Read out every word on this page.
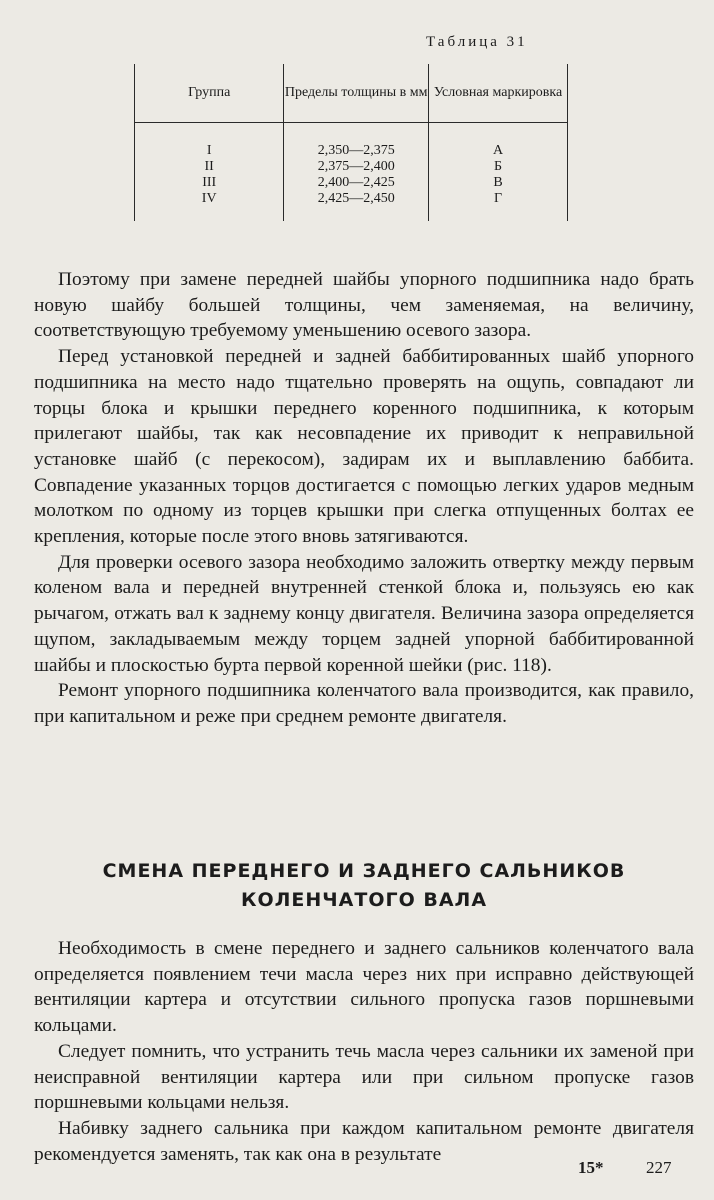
Таблица 31
Группа	Пределы толщины в мм	Условная маркировка
I	2,350—2,375	А
II	2,375—2,400	Б
III	2,400—2,425	В
IV	2,425—2,450	Г

Поэтому при замене передней шайбы упорного подшипника надо брать новую шайбу большей толщины, чем заменяемая, на величину, соответствующую требуемому уменьшению осевого зазора.

Перед установкой передней и задней баббитированных шайб упорного подшипника на место надо тщательно проверять на ощупь, совпадают ли торцы блока и крышки переднего коренного подшипника, к которым прилегают шайбы, так как несовпадение их приводит к неправильной установке шайб (с перекосом), задирам их и выплавлению баббита. Совпадение указанных торцов достигается с помощью легких ударов медным молотком по одному из торцев крышки при слегка отпущенных болтах ее крепления, которые после этого вновь затягиваются.

Для проверки осевого зазора необходимо заложить отвертку между первым коленом вала и передней внутренней стенкой блока и, пользуясь ею как рычагом, отжать вал к заднему концу двигателя. Величина зазора определяется щупом, закладываемым между торцем задней упорной баббитированной шайбы и плоскостью бурта первой коренной шейки (рис. 118).

Ремонт упорного подшипника коленчатого вала производится, как правило, при капитальном и реже при среднем ремонте двигателя.

СМЕНА ПЕРЕДНЕГО И ЗАДНЕГО САЛЬНИКОВ
КОЛЕНЧАТОГО ВАЛА

Необходимость в смене переднего и заднего сальников коленчатого вала определяется появлением течи масла через них при исправно действующей вентиляции картера и отсутствии сильного пропуска газов поршневыми кольцами.

Следует помнить, что устранить течь масла через сальники их заменой при неисправной вентиляции картера или при сильном пропуске газов поршневыми кольцами нельзя.

Набивку заднего сальника при каждом капитальном ремонте двигателя рекомендуется заменять, так как она в результате

15*	227
